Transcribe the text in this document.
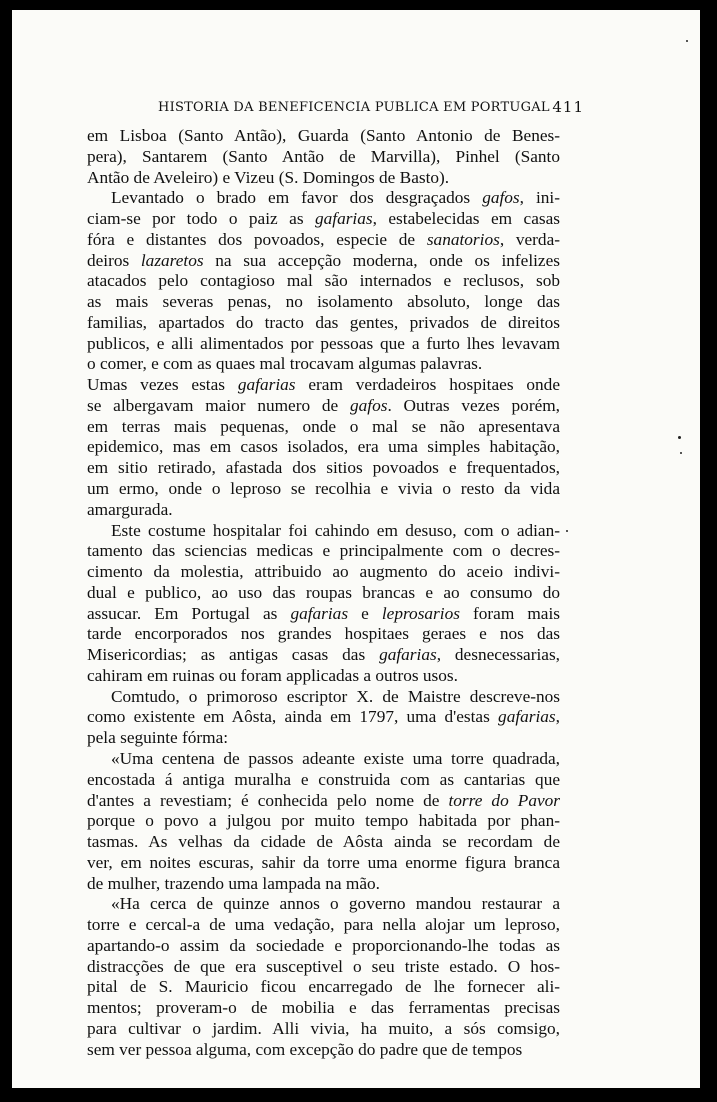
HISTORIA DA BENEFICENCIA PUBLICA EM PORTUGAL 411
em Lisboa (Santo Antão), Guarda (Santo Antonio de Benes-
pera), Santarem (Santo Antão de Marvilla), Pinhel (Santo
Antão de Aveleiro) e Vizeu (S. Domingos de Basto).
Levantado o brado em favor dos desgraçados gafos, ini-
ciam-se por todo o paiz as gafarias, estabelecidas em casas
fóra e distantes dos povoados, especie de sanatorios, verda-
deiros lazaretos na sua accepção moderna, onde os infelizes
atacados pelo contagioso mal são internados e reclusos, sob
as mais severas penas, no isolamento absoluto, longe das
familias, apartados do tracto das gentes, privados de direitos
publicos, e alli alimentados por pessoas que a furto lhes levavam
o comer, e com as quaes mal trocavam algumas palavras.
Umas vezes estas gafarias eram verdadeiros hospitaes onde
se albergavam maior numero de gafos. Outras vezes porém,
em terras mais pequenas, onde o mal se não apresentava
epidemico, mas em casos isolados, era uma simples habitação,
em sitio retirado, afastada dos sitios povoados e frequentados,
um ermo, onde o leproso se recolhia e vivia o resto da vida
amargurada.
Este costume hospitalar foi cahindo em desuso, com o adian-
tamento das sciencias medicas e principalmente com o decres-
cimento da molestia, attribuido ao augmento do aceio indivi-
dual e publico, ao uso das roupas brancas e ao consumo do
assucar. Em Portugal as gafarias e leprosarios foram mais
tarde encorporados nos grandes hospitaes geraes e nos das
Misericordias; as antigas casas das gafarias, desnecessarias,
cahiram em ruinas ou foram applicadas a outros usos.
Comtudo, o primoroso escriptor X. de Maistre descreve-nos
como existente em Aôsta, ainda em 1797, uma d'estas gafarias,
pela seguinte fórma:
«Uma centena de passos adeante existe uma torre quadrada,
encostada á antiga muralha e construida com as cantarias que
d'antes a revestiam; é conhecida pelo nome de torre do Pavor
porque o povo a julgou por muito tempo habitada por phan-
tasmas. As velhas da cidade de Aôsta ainda se recordam de
ver, em noites escuras, sahir da torre uma enorme figura branca
de mulher, trazendo uma lampada na mão.
«Ha cerca de quinze annos o governo mandou restaurar a
torre e cercal-a de uma vedação, para nella alojar um leproso,
apartando-o assim da sociedade e proporcionando-lhe todas as
distracções de que era susceptivel o seu triste estado. O hos-
pital de S. Mauricio ficou encarregado de lhe fornecer ali-
mentos; proveram-o de mobilia e das ferramentas precisas
para cultivar o jardim. Alli vivia, ha muito, a sós comsigo,
sem ver pessoa alguma, com excepção do padre que de tempos
